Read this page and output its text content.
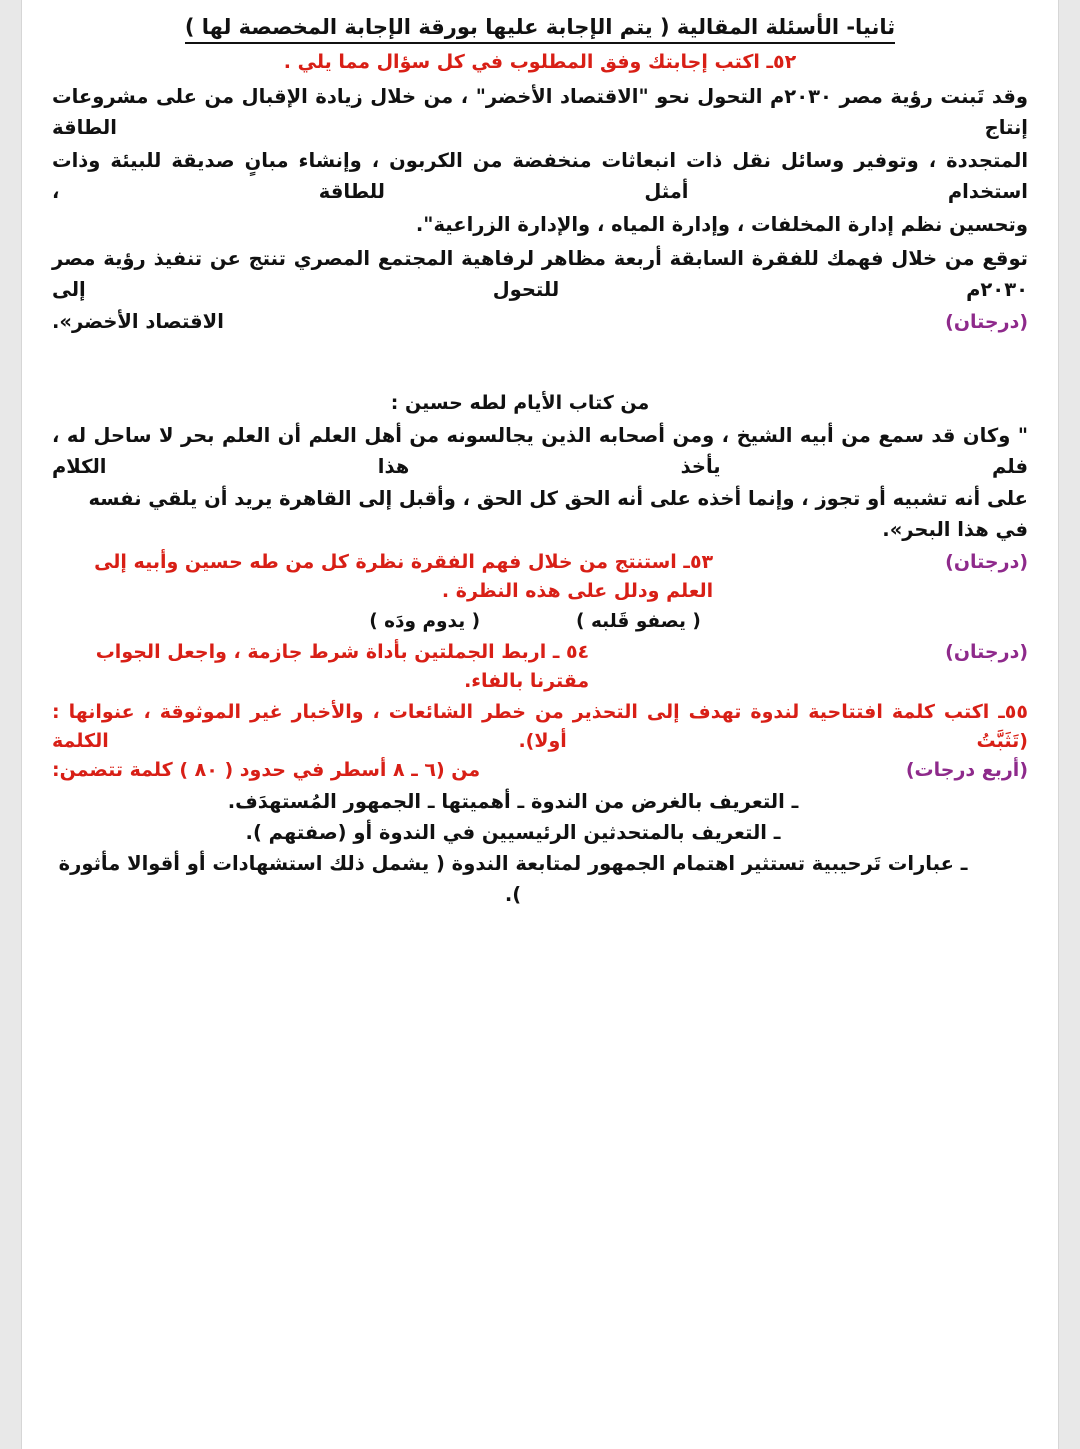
ثانيا- الأسئلة المقالية ( يتم الإجابة عليها بورقة الإجابة المخصصة لها )
٥٢ـ اكتب إجابتك وفق المطلوب في كل سؤال مما يلي .
وقد تَبنت رؤية مصر ٢٠٣٠م التحول نحو "الاقتصاد الأخضر" ، من خلال زيادة الإقبال من على مشروعات إنتاج الطاقة
المتجددة ، وتوفير وسائل نقل ذات انبعاثات منخفضة من الكربون ، وإنشاء مبانٍ صديقة للبيئة وذات استخدام أمثل للطاقة ،
وتحسين نظم إدارة المخلفات ، وإدارة المياه ، والإدارة الزراعية".
توقع من خلال فهمك للفقرة السابقة أربعة مظاهر لرفاهية المجتمع المصري تنتج عن تنفيذ رؤية مصر ٢٠٣٠م للتحول إلى
الاقتصاد الأخضر».	(درجتان)
من كتاب الأيام لطه حسين :
" وكان قد سمع من أبيه الشيخ ، ومن أصحابه الذين يجالسونه من أهل العلم أن العلم بحر لا ساحل له ، فلم يأخذ هذا الكلام
على أنه تشبيه أو تجوز ، وإنما أخذه على أنه الحق كل الحق ، وأقبل إلى القاهرة يريد أن يلقي نفسه في هذا البحر».
٥٣ـ استنتج من خلال فهم الفقرة نظرة كل من طه حسين وأبيه إلى العلم ودلل على هذه النظرة .
(درجتان)
( يدوم ودَه )	( يصفو قَلبه )
٥٤ ـ اربط الجملتين بأداة شرط جازمة ، واجعل الجواب مقترنا بالفاء.
(درجتان)
٥٥ـ اكتب كلمة افتتاحية لندوة تهدف إلى التحذير من خطر الشائعات ، والأخبار غير الموثوقة ، عنوانها : (تَثَبَّتُ أولا). الكلمة
من (٦ ـ ٨ أسطر في حدود ( ٨٠ ) كلمة تتضمن:	(أربع درجات)
ـ التعريف بالغرض من الندوة ـ أهميتها ـ الجمهور المُستهدَف.
ـ التعريف بالمتحدثين الرئيسيين في الندوة أو (صفتهم ).
ـ عبارات تَرحيبية تستثير اهتمام الجمهور لمتابعة الندوة ( يشمل ذلك استشهادات أو أقوالا مأثورة ).
